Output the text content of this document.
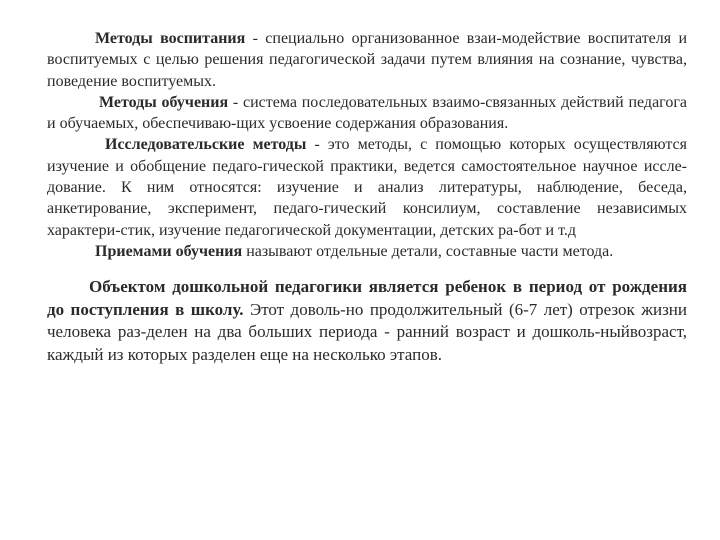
Методы воспитания - специально организованное взаи-модействие воспитателя и воспитуемых с целью решения педагогической задачи путем влияния на сознание, чувства, поведение воспитуемых.

Методы обучения - система последовательных взаимо-связанных действий педагога и обучаемых, обеспечиваю-щих усвоение содержания образования.

Исследовательские методы - это методы, с помощью которых осуществляются изучение и обобщение педаго-гической практики, ведется самостоятельное научное иссле-дование. К ним относятся: изучение и анализ литературы, наблюдение, беседа, анкетирование, эксперимент, педаго-гический консилиум, составление независимых характери-стик, изучение педагогической документации, детских ра-бот и т.д

Приемами обучения называют отдельные детали, составные части метода.

Объектом дошкольной педагогики является ребенок в период от рождения до поступления в школу. Этот доволь-но продолжительный (6-7 лет) отрезок жизни человека раз-делен на два больших периода - ранний возраст и дошколь-ныйвозраст, каждый из которых разделен еще на несколько этапов.
